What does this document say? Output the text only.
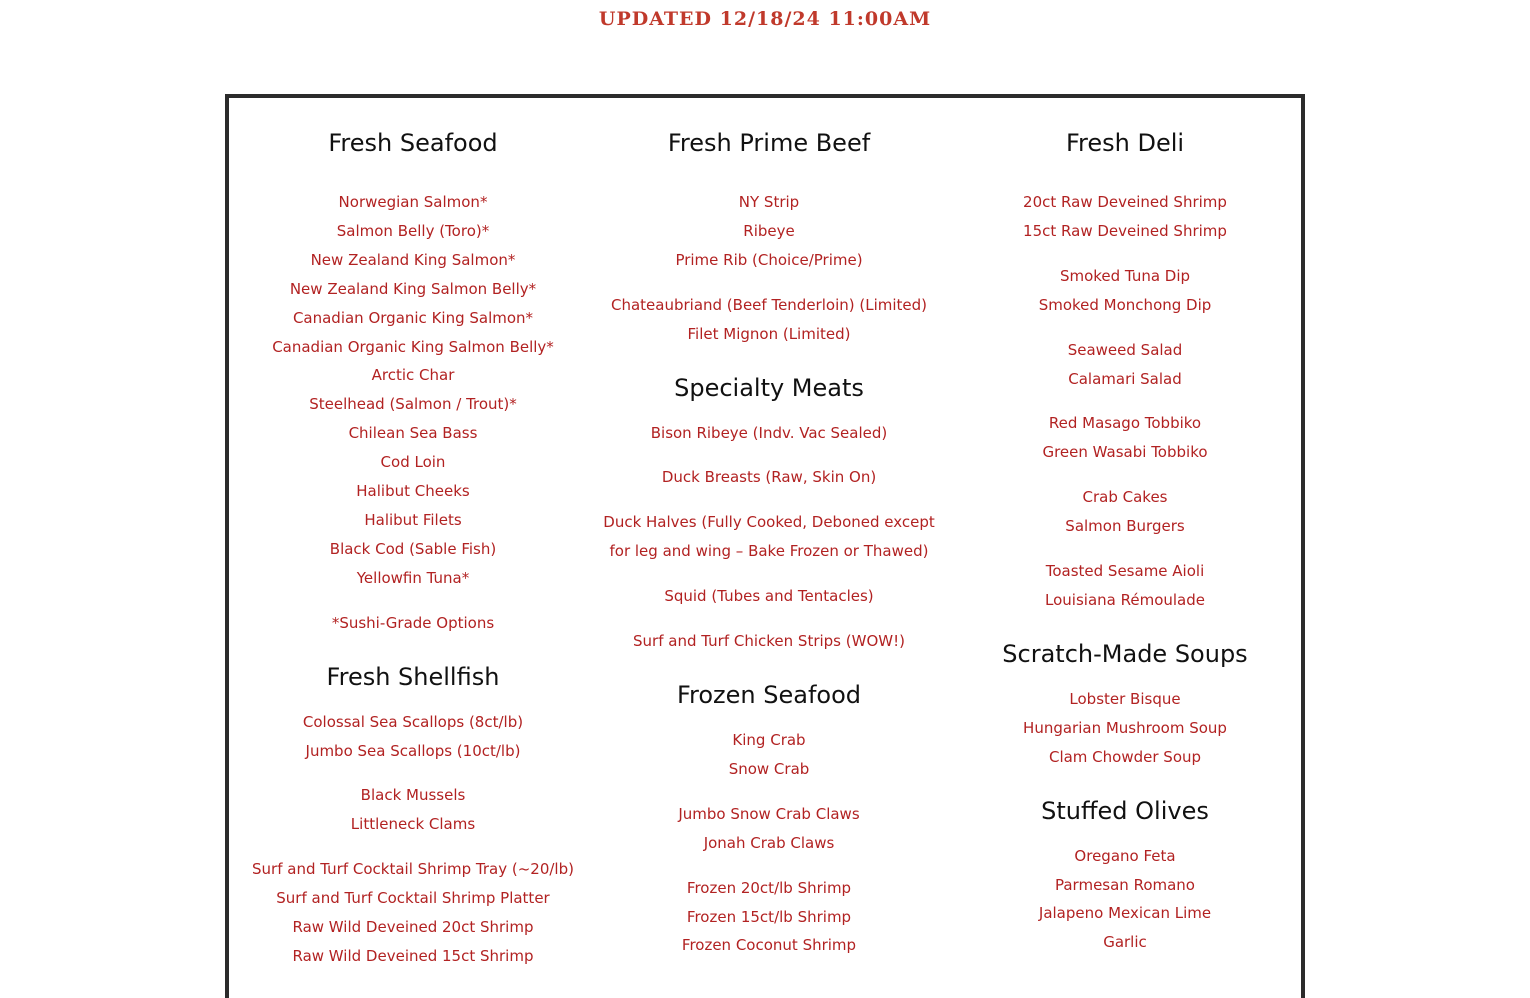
UPDATED 12/18/24 11:00AM
Fresh Seafood
Norwegian Salmon*
Salmon Belly (Toro)*
New Zealand King Salmon*
New Zealand King Salmon Belly*
Canadian Organic King Salmon*
Canadian Organic King Salmon Belly*
Arctic Char
Steelhead (Salmon / Trout)*
Chilean Sea Bass
Cod Loin
Halibut Cheeks
Halibut Filets
Black Cod (Sable Fish)
Yellowfin Tuna*
*Sushi-Grade Options
Fresh Shellfish
Colossal Sea Scallops (8ct/lb)
Jumbo Sea Scallops (10ct/lb)
Black Mussels
Littleneck Clams
Surf and Turf Cocktail Shrimp Tray (~20/lb)
Surf and Turf Cocktail Shrimp Platter
Raw Wild Deveined 20ct Shrimp
Raw Wild Deveined 15ct Shrimp
Fresh Prime Beef
NY Strip
Ribeye
Prime Rib (Choice/Prime)
Chateaubriand (Beef Tenderloin) (Limited)
Filet Mignon (Limited)
Specialty Meats
Bison Ribeye (Indv. Vac Sealed)
Duck Breasts (Raw, Skin On)
Duck Halves (Fully Cooked, Deboned except
for leg and wing – Bake Frozen or Thawed)
Squid (Tubes and Tentacles)
Surf and Turf Chicken Strips (WOW!)
Frozen Seafood
King Crab
Snow Crab
Jumbo Snow Crab Claws
Jonah Crab Claws
Frozen 20ct/lb Shrimp
Frozen 15ct/lb Shrimp
Frozen Coconut Shrimp
Fresh Deli
20ct Raw Deveined Shrimp
15ct Raw Deveined Shrimp
Smoked Tuna Dip
Smoked Monchong Dip
Seaweed Salad
Calamari Salad
Red Masago Tobbiko
Green Wasabi Tobbiko
Crab Cakes
Salmon Burgers
Toasted Sesame Aioli
Louisiana Rémoulade
Scratch-Made Soups
Lobster Bisque
Hungarian Mushroom Soup
Clam Chowder Soup
Stuffed Olives
Oregano Feta
Parmesan Romano
Jalapeno Mexican Lime
Garlic
